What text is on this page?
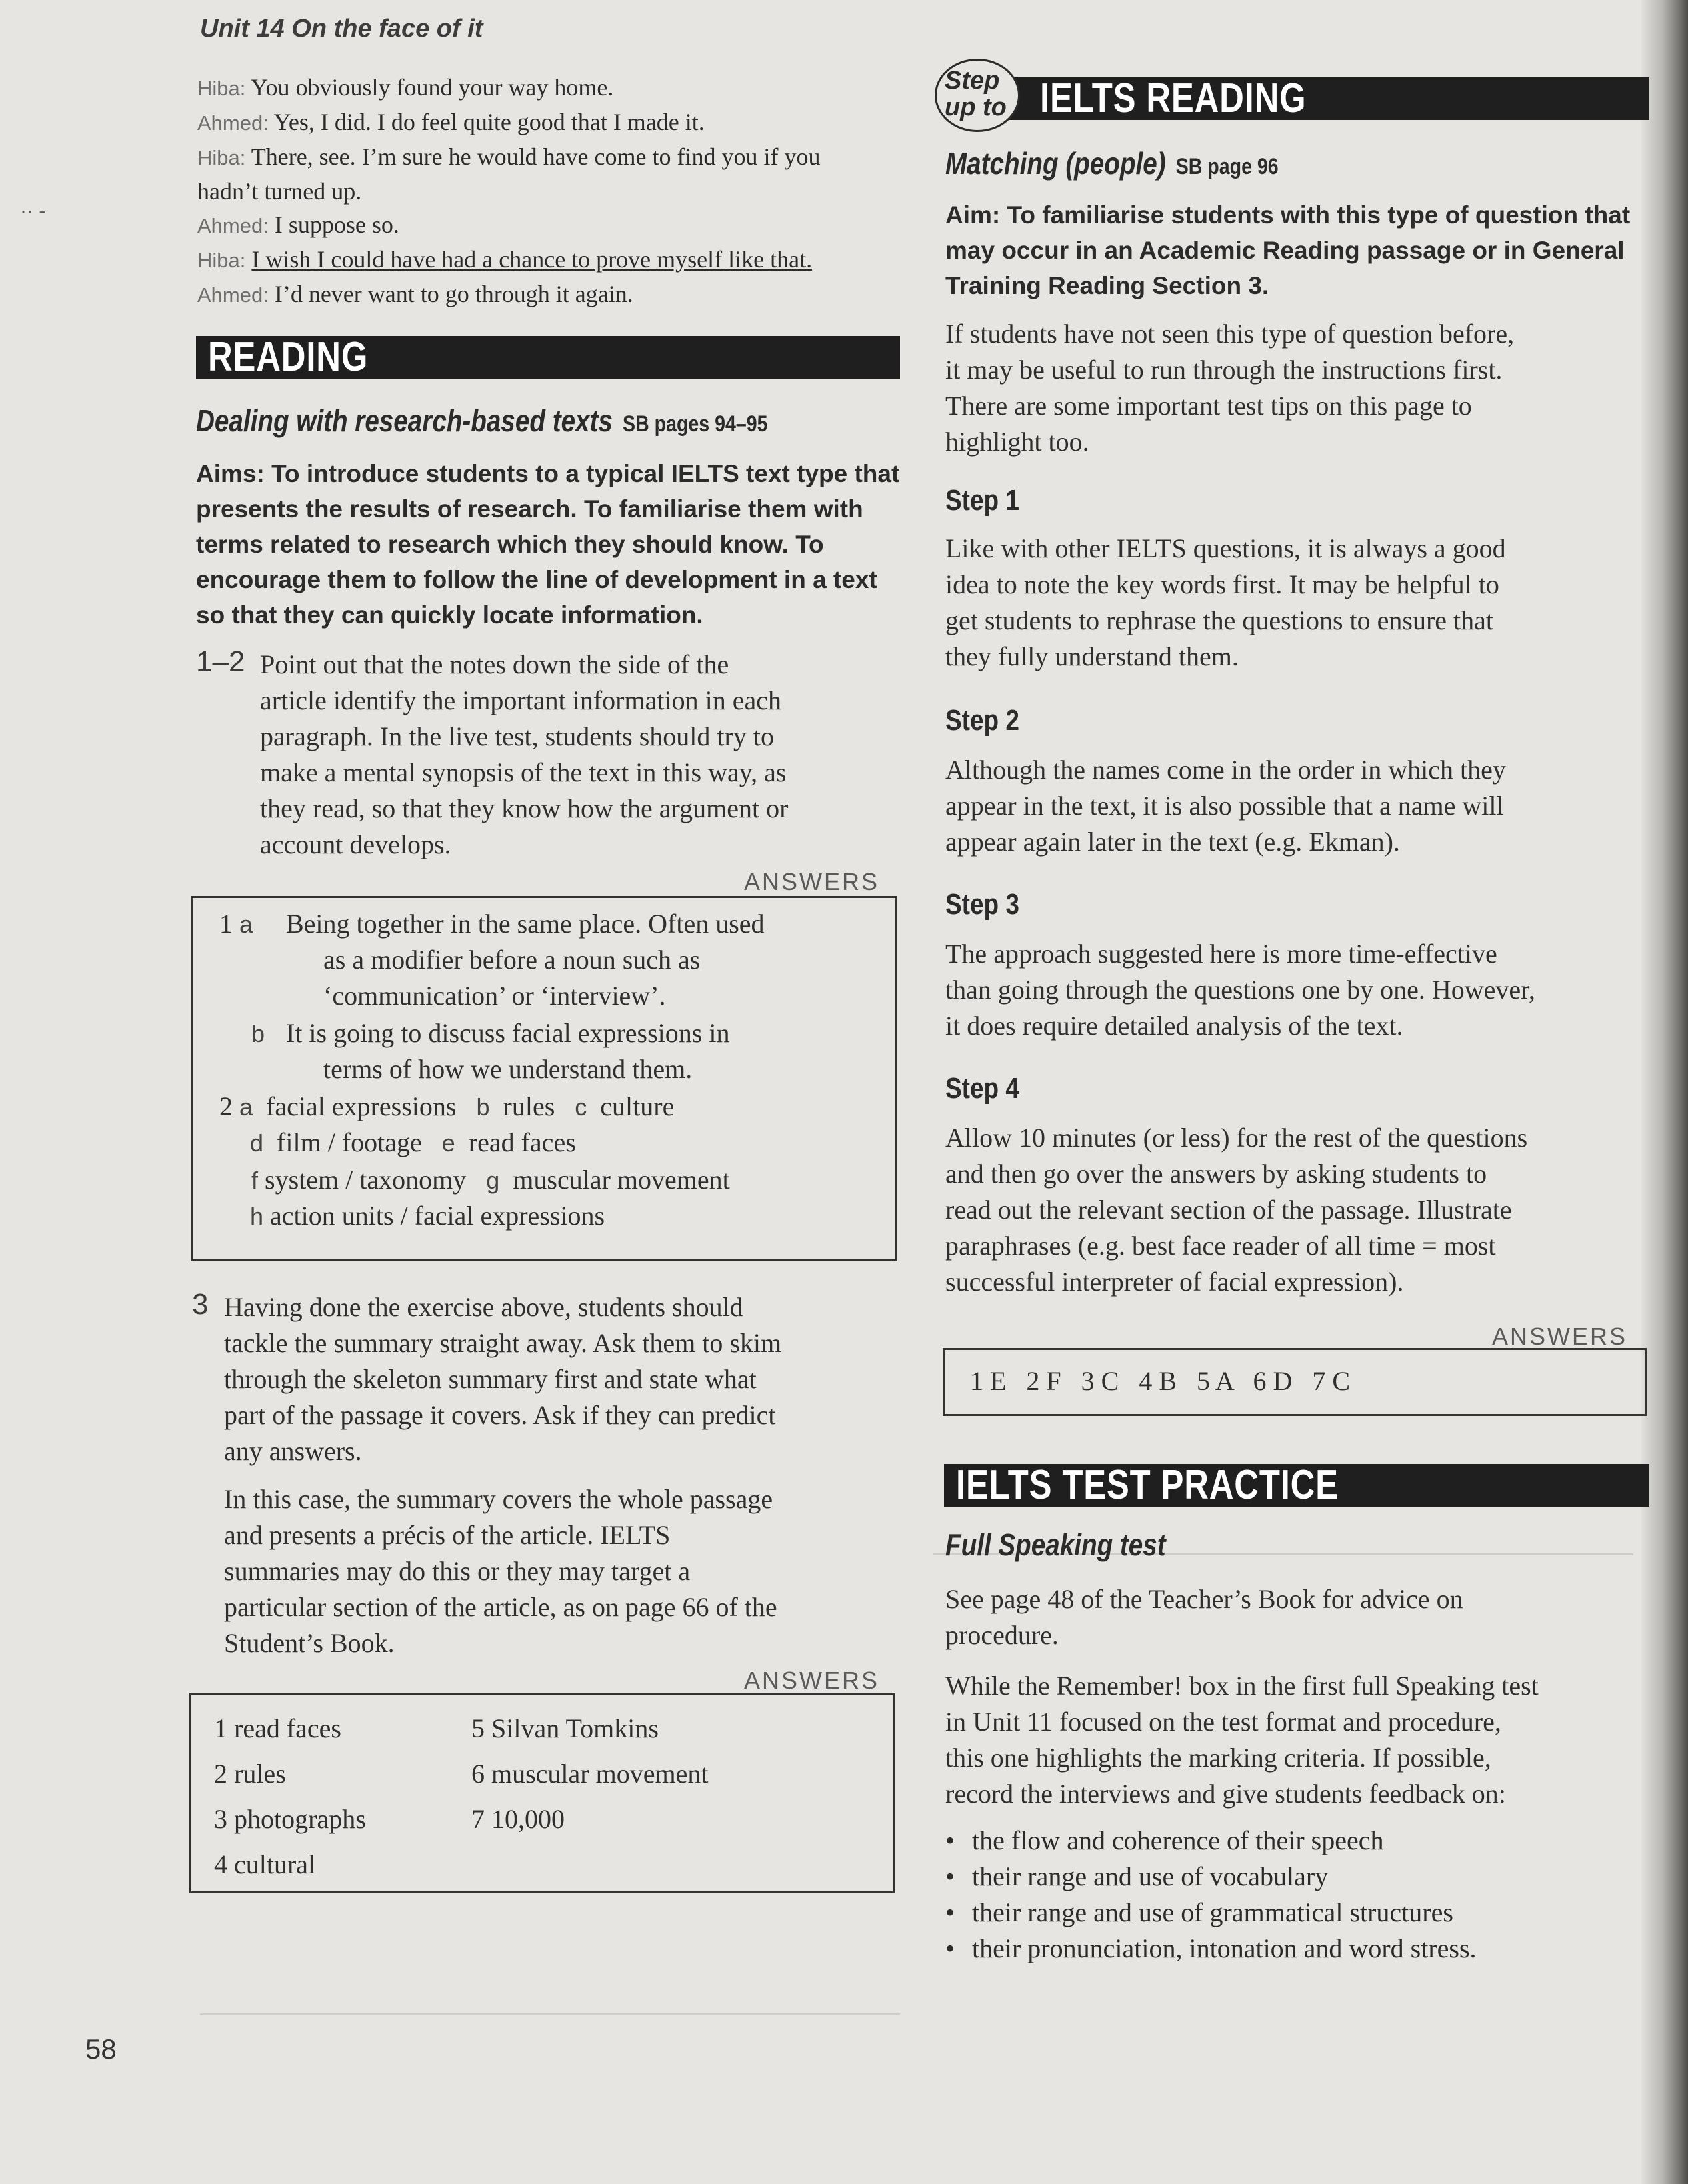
Unit 14 On the face of it
·· -
Hiba: You obviously found your way home.
Ahmed: Yes, I did. I do feel quite good that I made it.
Hiba: There, see. I’m sure he would have come to find you if you
hadn’t turned up.
Ahmed: I suppose so.
Hiba: I wish I could have had a chance to prove myself like that.
Ahmed: I’d never want to go through it again.
READING
Dealing with research-based texts SB pages 94–95
Aims: To introduce students to a typical IELTS text type that
presents the results of research. To familiarise them with
terms related to research which they should know. To
encourage them to follow the line of development in a text
so that they can quickly locate information.
1–2 Point out that the notes down the side of the
article identify the important information in each
paragraph. In the live test, students should try to
make a mental synopsis of the text in this way, as
they read, so that they know how the argument or
account develops.
ANSWERS
1 a Being together in the same place. Often used
as a modifier before a noun such as
‘communication’ or ‘interview’.
b It is going to discuss facial expressions in
terms of how we understand them.
2 a facial expressions b rules c culture
d film / footage e read faces
f system / taxonomy g muscular movement
h action units / facial expressions
3 Having done the exercise above, students should
tackle the summary straight away. Ask them to skim
through the skeleton summary first and state what
part of the passage it covers. Ask if they can predict
any answers.
In this case, the summary covers the whole passage
and presents a précis of the article. IELTS
summaries may do this or they may target a
particular section of the article, as on page 66 of the
Student’s Book.
ANSWERS
1 read faces
2 rules
3 photographs
4 cultural
5 Silvan Tomkins
6 muscular movement
7 10,000
IELTS READING
Step
up to
Matching (people) SB page 96
Aim: To familiarise students with this type of question that
may occur in an Academic Reading passage or in General
Training Reading Section 3.
If students have not seen this type of question before,
it may be useful to run through the instructions first.
There are some important test tips on this page to
highlight too.
Step 1
Like with other IELTS questions, it is always a good
idea to note the key words first. It may be helpful to
get students to rephrase the questions to ensure that
they fully understand them.
Step 2
Although the names come in the order in which they
appear in the text, it is also possible that a name will
appear again later in the text (e.g. Ekman).
Step 3
The approach suggested here is more time-effective
than going through the questions one by one. However,
it does require detailed analysis of the text.
Step 4
Allow 10 minutes (or less) for the rest of the questions
and then go over the answers by asking students to
read out the relevant section of the passage. Illustrate
paraphrases (e.g. best face reader of all time = most
successful interpreter of facial expression).
ANSWERS
1 E   2 F   3 C   4 B   5 A   6 D   7 C
IELTS TEST PRACTICE
Full Speaking test
See page 48 of the Teacher’s Book for advice on
procedure.
While the Remember! box in the first full Speaking test
in Unit 11 focused on the test format and procedure,
this one highlights the marking criteria. If possible,
record the interviews and give students feedback on:
• the flow and coherence of their speech
• their range and use of vocabulary
• their range and use of grammatical structures
• their pronunciation, intonation and word stress.
58
